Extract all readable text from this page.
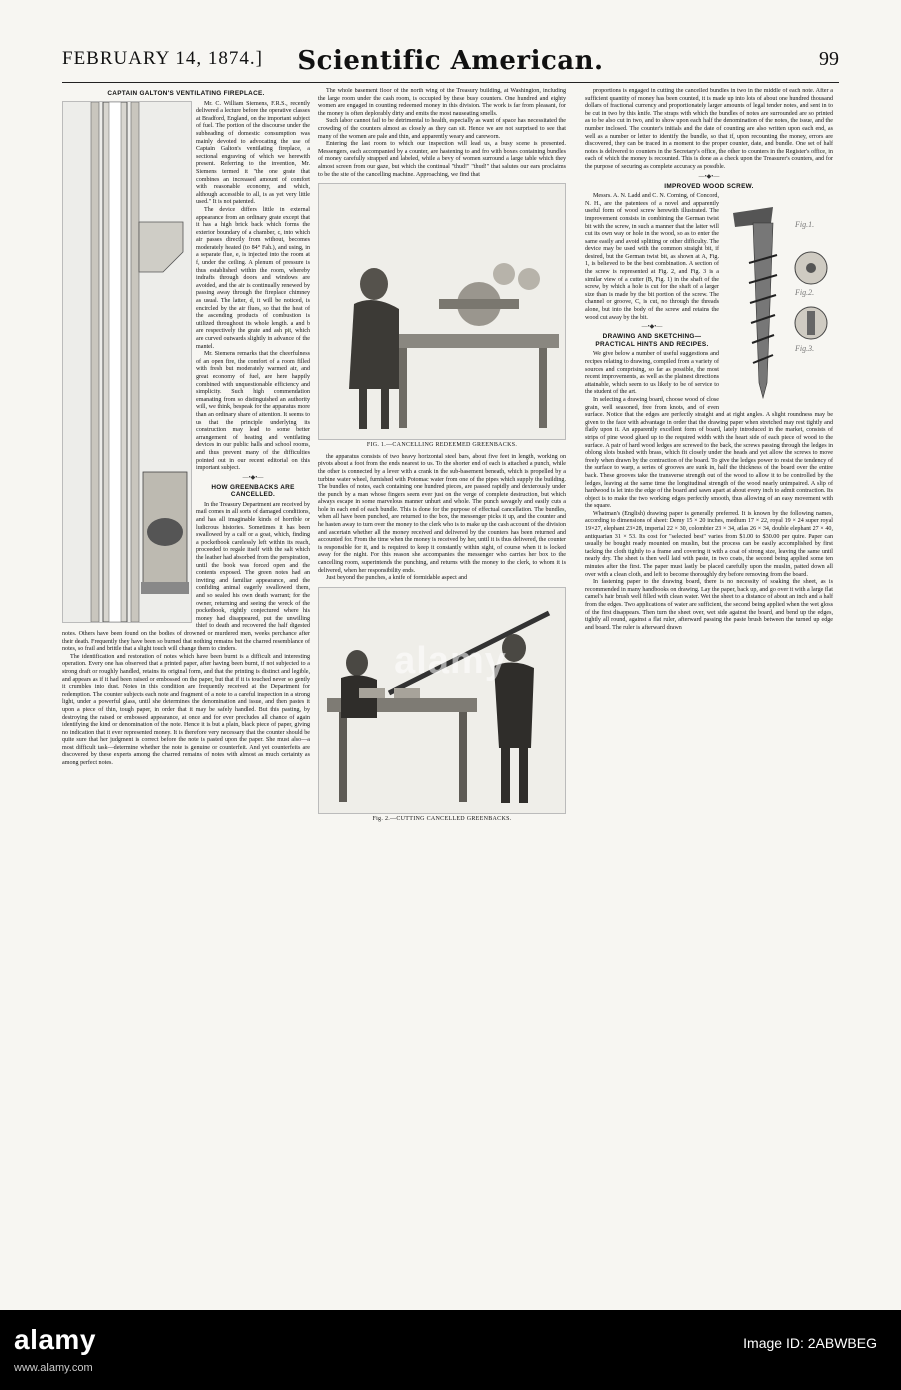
FEBRUARY 14, 1874.]	Scientific American.	99
CAPTAIN GALTON'S VENTILATING FIREPLACE.

Mr. C. William Siemens, F.R.S., recently delivered a lecture before the operative classes at Bradford, England, on the important subject of fuel. The portion of the discourse under the subheading of domestic consumption was mainly devoted to advocating the use of Captain Galton's ventilating fireplace, a sectional engraving of which we herewith present. Referring to the invention, Mr. Siemens termed it "the one grate that combines an increased amount of comfort with reasonable economy, and which, although accessible to all, is as yet very little used." It is not patented.

The device differs little in external appearance from an ordinary grate except that it has a high brick back which forms the exterior boundary of a chamber, c, into which air passes directly from without, becomes moderately heated (to 84° Fah.), and using, in a separate flue, e, is injected into the room at f, under the ceiling. A plenum of pressure is thus established within the room, whereby indrafts through doors and windows are avoided, and the air is continually renewed by passing away through the fireplace chimney as usual. The latter, d, it will be noticed, is encircled by the air flues, so that the heat of the ascending products of combustion is utilized throughout its whole length. a and b are respectively the grate and ash pit, which are curved outwards slightly in advance of the mantel.

Mr. Siemens remarks that the cheerfulness of an open fire, the comfort of a room filled with fresh but moderately warmed air, and great economy of fuel, are here happily combined with unquestionable efficiency and simplicity. Such high commendation emanating from so distinguished an authority will, we think, bespeak for the apparatus more than an ordinary share of attention. It seems to us that the principle underlying its construction may lead to some better arrangement of heating and ventilating devices in our public halls and school rooms, and thus prevent many of the difficulties pointed out in our recent editorial on this important subject.

—•◆•—
HOW GREENBACKS ARE CANCELLED.

In the Treasury Department are received by mail comes in all sorts of damaged conditions, and has all imaginable kinds of horrible or ludicrous histories. Sometimes it has been swallowed by a calf or a goat, which, finding a pocketbook carelessly left within its reach, proceeded to regale itself with the salt which the leather had absorbed from the perspiration, until the book was forced open and the contents exposed. The green notes had an inviting and familiar appearance, and the confiding animal eagerly swallowed them, and so sealed his own death warrant; for the owner, returning and seeing the wreck of the pocketbook, rightly conjectured where his money had disappeared, put the unwilling thief to death and recovered the half digested notes. Others have been found on the bodies of drowned or murdered men, weeks perchance after their death. Frequently they have been so burned that nothing remains but the charred resemblance of notes, so frail and brittle that a slight touch will change them to cinders.

The identification and restoration of notes which have been burnt is a difficult and interesting operation. Every one has observed that a printed paper, after having been burnt, if not subjected to a strong draft or roughly handled, retains its original form, and that the printing is distinct and legible, and appears as if it had been raised or embossed on the paper, but that if it is touched never so gently it crumbles into dust. Notes in this condition are frequently received at the Department for redemption. The counter subjects each note and fragment of a note to a careful inspection in a strong light, under a powerful glass, until she determines the denomination and issue, and then pastes it upon a piece of thin, tough paper, in order that it may be safely handled. But this pasting, by destroying the raised or embossed appearance, at once and for ever precludes all chance of again identifying the kind or denomination of the note. Hence it is but a plain, black piece of paper, giving no indication that it ever represented money. It is therefore very necessary that the counter should be quite sure that her judgment is correct before the note is pasted upon the paper. She must also—a most difficult task—determine whether the note is genuine or counterfeit. And yet counterfeits are discovered by these experts among the charred remains of notes with almost as much certainty as among perfect notes.

The whole basement floor of the north wing of the Treasury building, at Washington, including the large room under the cash room, is occupied by these busy counters. One hundred and eighty women are engaged in counting redeemed money in this division. The work is far from pleasant, for the money is often deplorably dirty and emits the most nauseating smells.

Such labor cannot fail to be detrimental to health, especially as want of space has necessitated the crowding of the counters almost as closely as they can sit. Hence we are not surprised to see that many of the women are pale and thin, and apparently weary and careworn.

Entering the last room to which our inspection will lead us, a busy scene is presented. Messengers, each accompanied by a counter, are hastening to and fro with boxes containing bundles of money carefully strapped and labeled, while a bevy of women surround a large table which they almost screen from our gaze, but which the continual "thud!" "thud!" that salutes our ears proclaims to be the site of the cancelling machine. Approaching, we find that

FIG. 1.—CANCELLING REDEEMED GREENBACKS.

the apparatus consists of two heavy horizontal steel bars, about five feet in length, working on pivots about a foot from the ends nearest to us. To the shorter end of each is attached a punch, while the other is connected by a lever with a crank in the sub-basement beneath, which is propelled by a turbine water wheel, furnished with Potomac water from one of the pipes which supply the building. The bundles of notes, each containing one hundred pieces, are passed rapidly and dexterously under the punch by a man whose fingers seem ever just on the verge of complete destruction, but which always escape in some marvelous manner unhurt and whole. The punch savagely and easily cuts a hole in each end of each bundle. This is done for the purpose of effectual cancellation. The bundles, when all have been punched, are returned to the box, the messenger picks it up, and the counter and he hasten away to turn over the money to the clerk who is to make up the cash account of the division and ascertain whether all the money received and delivered by the counters has been returned and accounted for. From the time when the money is received by her, until it is thus delivered, the counter is responsible for it, and is required to keep it constantly within sight, of course when it is locked away for the night. For this reason she accompanies the messenger who carries her box to the cancelling room, superintends the punching, and returns with the money to the clerk, to whom it is delivered, when her responsibility ends.

Just beyond the punches, a knife of formidable aspect and

Fig. 2.—CUTTING CANCELLED GREENBACKS.

proportions is engaged in cutting the cancelled bundles in two in the middle of each note. After a sufficient quantity of money has been counted, it is made up into lots of about one hundred thousand dollars of fractional currency and proportionately larger amounts of legal tender notes, and sent in to be cut in two by this knife. The straps with which the bundles of notes are surrounded are so printed as to be also cut in two, and to show upon each half the denomination of the notes, the issue, and the number inclosed. The counter's initials and the date of counting are also written upon each end, as well as a number or letter to identify the bundle, so that if, upon recounting the money, errors are discovered, they can be traced in a moment to the proper counter, date, and bundle. One set of half notes is delivered to counters in the Secretary's office, the other to counters in the Register's office, in each of which the money is recounted. This is done as a check upon the Treasurer's counters, and for the purpose of securing as complete accuracy as possible.

—•◆•—
IMPROVED WOOD SCREW.
Fig.1.
Fig.2.
Fig.3.

Messrs. A. N. Ladd and C. N. Corning, of Concord, N. H., are the patentees of a novel and apparently useful form of wood screw herewith illustrated. The improvement consists in combining the German twist bit with the screw, in such a manner that the latter will cut its own way or hole in the wood, so as to enter the same easily and avoid splitting or other difficulty. The device may be used with the common straight bit, if desired, but the German twist bit, as shown at A, Fig. 1, is believed to be the best combination. A section of the screw is represented at Fig. 2, and Fig. 3 is a similar view of a cutter (B, Fig. 1) in the shaft of the screw, by which a hole is cut for the shaft of a larger size than is made by the bit portion of the screw. The channel or groove, C, is cut, no through the threads alone, but into the body of the screw and retains the wood cut away by the bit.

—•◆•—
DRAWING AND SKETCHING—PRACTICAL HINTS AND RECIPES.

We give below a number of useful suggestions and recipes relating to drawing, compiled from a variety of sources and comprising, so far as possible, the most recent improvements, as well as the plainest directions attainable, which seem to us likely to be of service to the student of the art.

In selecting a drawing board, choose wood of close grain, well seasoned, free from knots, and of even surface. Notice that the edges are perfectly straight and at right angles. A slight roundness may be given to the face with advantage in order that the drawing paper when stretched may rest tightly and flatly upon it. An apparently excellent form of board, lately introduced in the market, consists of strips of pine wood glued up to the required width with the heart side of each piece of wood to the surface. A pair of hard wood ledges are screwed to the back, the screws passing through the ledges in oblong slots bushed with brass, which fit closely under the heads and yet allow the screws to move freely when drawn by the contraction of the board. To give the ledges power to resist the tendency of the surface to warp, a series of grooves are sunk in, half the thickness of the board over the entire back. These grooves take the transverse strength out of the wood to allow it to be controlled by the ledges, leaving at the same time the longitudinal strength of the wood nearly unimpaired. A slip of hardwood is let into the edge of the board and sawn apart at about every inch to admit contraction. Its object is to make the two working edges perfectly smooth, thus allowing of an easy movement with the square.

Whatman's (English) drawing paper is generally preferred. It is known by the following names, according to dimensions of sheet: Demy 15 × 20 inches, medium 17 × 22, royal 19 × 24 super royal 19×27, elephant 23×28, imperial 22 × 30, colombier 23 × 34, atlas 26 × 34, double elephant 27 × 40, antiquarian 31 × 53. Its cost for "selected best" varies from $1.00 to $30.00 per quire. Paper can usually be bought ready mounted on muslin, but the process can be easily accomplished by first tacking the cloth tightly to a frame and covering it with a coat of strong size, leaving the same until nearly dry. The sheet is then well laid with paste, in two coats, the second being applied some ten minutes after the first. The paper must lastly be placed carefully upon the muslin, patted down all over with a clean cloth, and left to become thoroughly dry before removing from the board.

In fastening paper to the drawing board, there is no necessity of soaking the sheet, as is recommended in many handbooks on drawing. Lay the paper, back up, and go over it with a large flat camel's hair brush well filled with clean water. Wet the sheet to a distance of about an inch and a half from the edges. Two applications of water are sufficient, the second being applied when the wet gloss of the first disappears. Then turn the sheet over, wet side against the board, and bend up the edges, tightly all round, against a flat ruler, afterward passing the paste brush between the turned up edge and board. The ruler is afterward drawn

alamy
alamy
www.alamy.com
Image ID: 2ABWBEG
